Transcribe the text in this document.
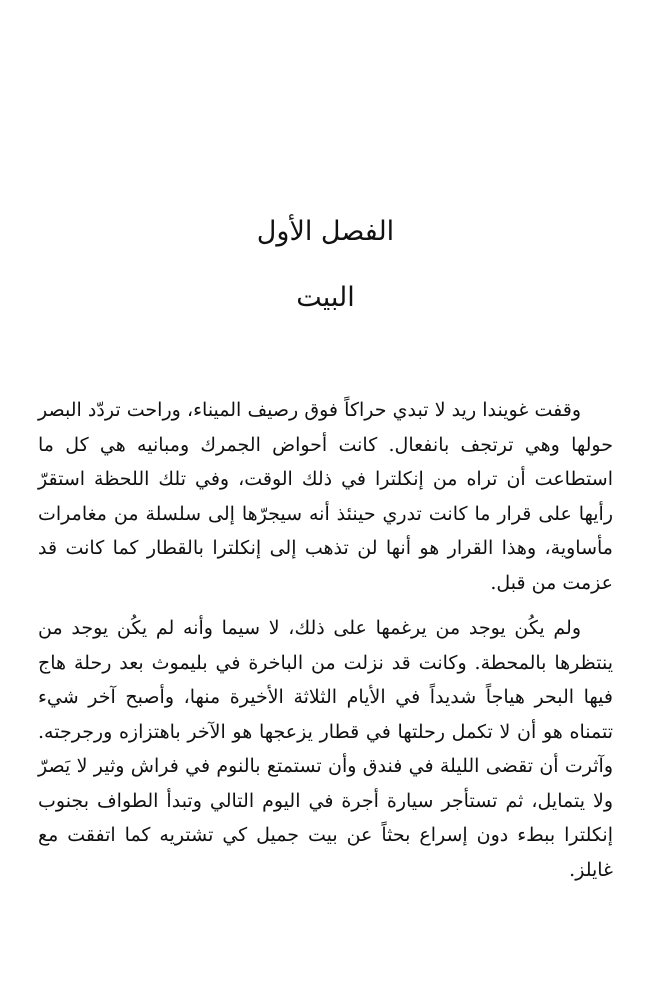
الفصل الأول
البيت

وقفت غويندا ريد لا تبدي حراكاً فوق رصيف الميناء، وراحت تردّد البصر حولها وهي ترتجف بانفعال. كانت أحواض الجمرك ومبانيه هي كل ما استطاعت أن تراه من إنكلترا في ذلك الوقت، وفي تلك اللحظة استقرّ رأيها على قرار ما كانت تدري حينئذ أنه سيجرّها إلى سلسلة من مغامرات مأساوية، وهذا القرار هو أنها لن تذهب إلى إنكلترا بالقطار كما كانت قد عزمت من قبل.

ولم يكُن يوجد من يرغمها على ذلك، لا سيما وأنه لم يكُن يوجد من ينتظرها بالمحطة. وكانت قد نزلت من الباخرة في بليموث بعد رحلة هاج فيها البحر هياجاً شديداً في الأيام الثلاثة الأخيرة منها، وأصبح آخر شيء تتمناه هو أن لا تكمل رحلتها في قطار يزعجها هو الآخر باهتزازه ورجرجته. وآثرت أن تقضى الليلة في فندق وأن تستمتع بالنوم في فراش وثير لا يَصرّ ولا يتمايل، ثم تستأجر سيارة أجرة في اليوم التالي وتبدأ الطواف بجنوب إنكلترا ببطء دون إسراع بحثاً عن بيت جميل كي تشتريه كما اتفقت مع غايلز.
